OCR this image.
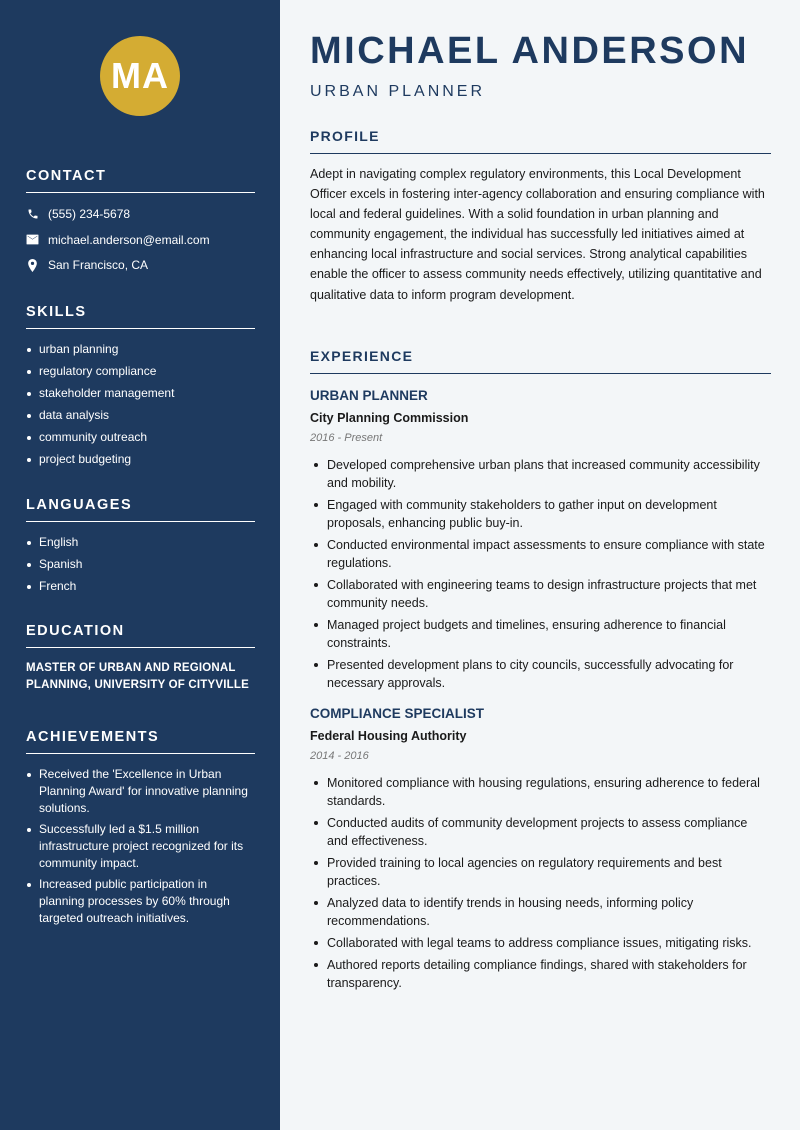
MA
CONTACT
(555) 234-5678
michael.anderson@email.com
San Francisco, CA
SKILLS
urban planning
regulatory compliance
stakeholder management
data analysis
community outreach
project budgeting
LANGUAGES
English
Spanish
French
EDUCATION
MASTER OF URBAN AND REGIONAL PLANNING, UNIVERSITY OF CITYVILLE
ACHIEVEMENTS
Received the 'Excellence in Urban Planning Award' for innovative planning solutions.
Successfully led a $1.5 million infrastructure project recognized for its community impact.
Increased public participation in planning processes by 60% through targeted outreach initiatives.
MICHAEL ANDERSON
URBAN PLANNER
PROFILE
Adept in navigating complex regulatory environments, this Local Development Officer excels in fostering inter-agency collaboration and ensuring compliance with local and federal guidelines. With a solid foundation in urban planning and community engagement, the individual has successfully led initiatives aimed at enhancing local infrastructure and social services. Strong analytical capabilities enable the officer to assess community needs effectively, utilizing quantitative and qualitative data to inform program development.
EXPERIENCE
URBAN PLANNER
City Planning Commission
2016 - Present
Developed comprehensive urban plans that increased community accessibility and mobility.
Engaged with community stakeholders to gather input on development proposals, enhancing public buy-in.
Conducted environmental impact assessments to ensure compliance with state regulations.
Collaborated with engineering teams to design infrastructure projects that met community needs.
Managed project budgets and timelines, ensuring adherence to financial constraints.
Presented development plans to city councils, successfully advocating for necessary approvals.
COMPLIANCE SPECIALIST
Federal Housing Authority
2014 - 2016
Monitored compliance with housing regulations, ensuring adherence to federal standards.
Conducted audits of community development projects to assess compliance and effectiveness.
Provided training to local agencies on regulatory requirements and best practices.
Analyzed data to identify trends in housing needs, informing policy recommendations.
Collaborated with legal teams to address compliance issues, mitigating risks.
Authored reports detailing compliance findings, shared with stakeholders for transparency.
